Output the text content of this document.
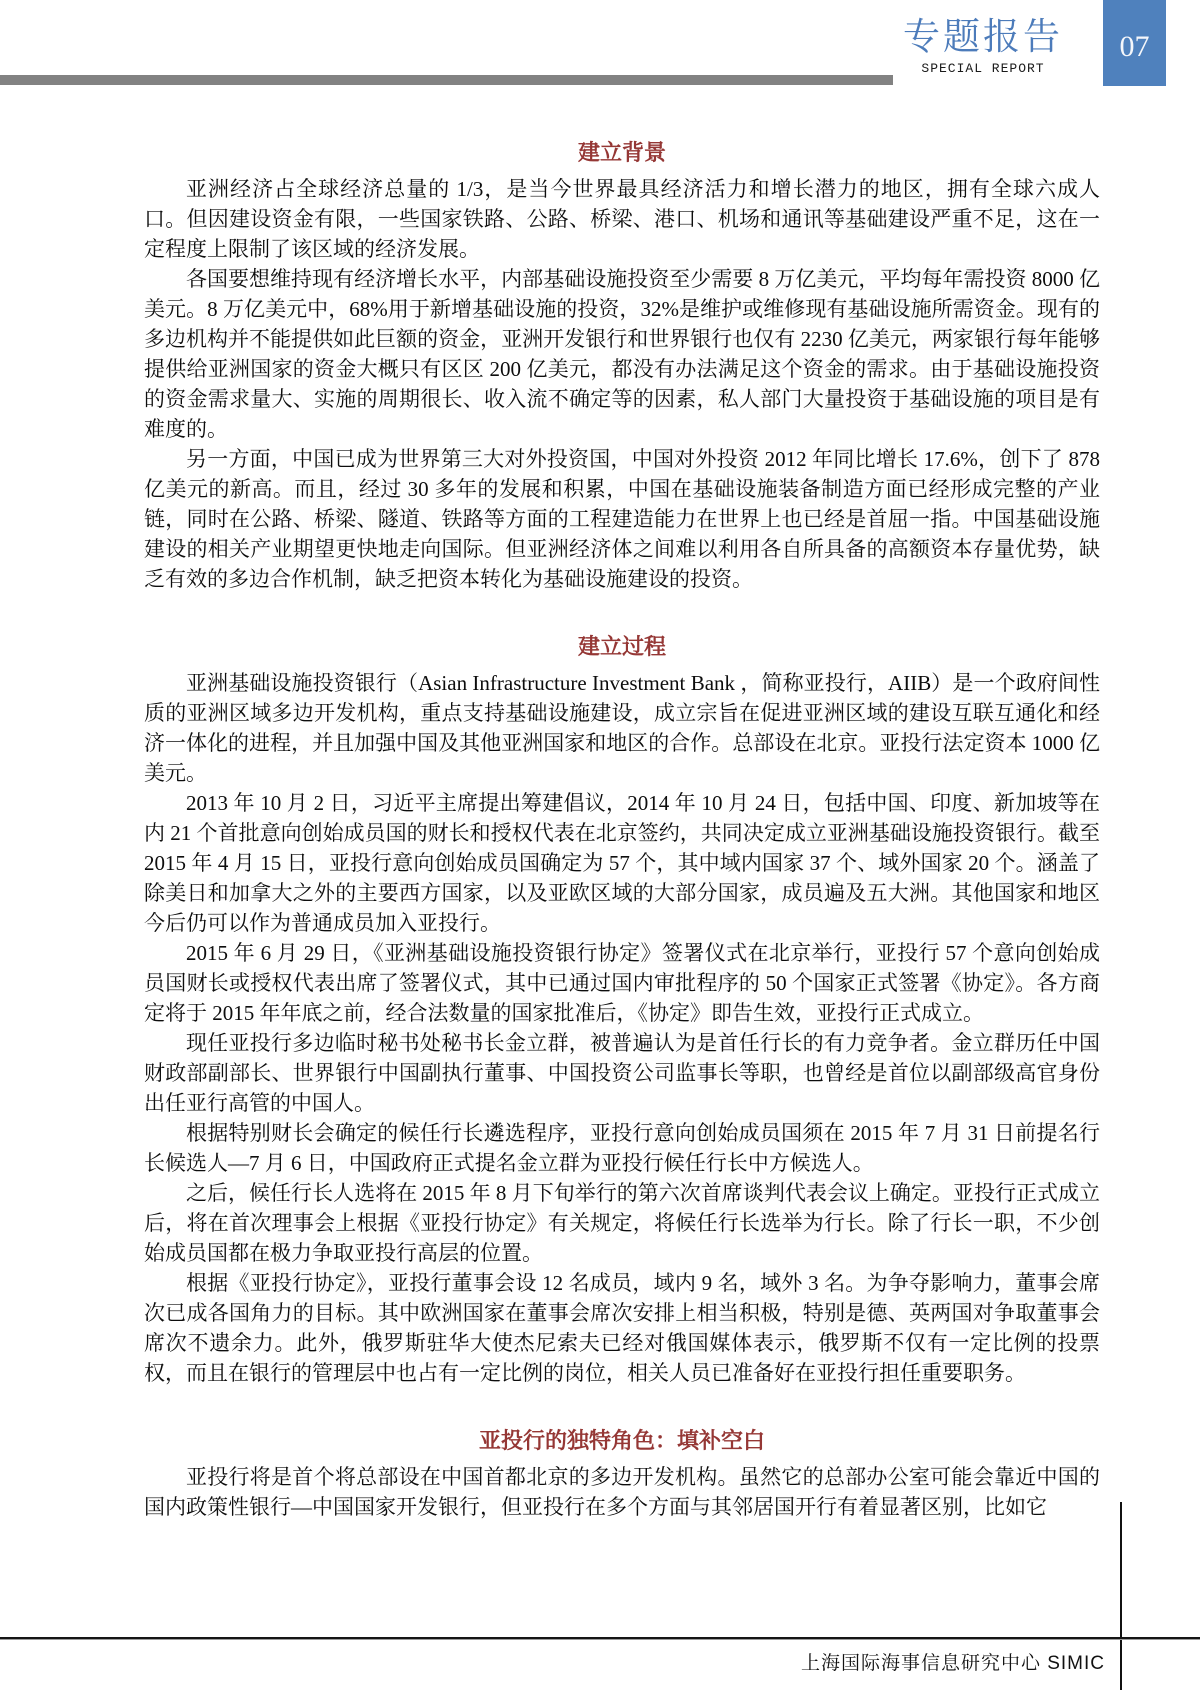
专题报告
SPECIAL REPORT
07
建立背景

亚洲经济占全球经济总量的 1/3，是当今世界最具经济活力和增长潜力的地区，拥有全球六成人口。但因建设资金有限，一些国家铁路、公路、桥梁、港口、机场和通讯等基础建设严重不足，这在一定程度上限制了该区域的经济发展。

各国要想维持现有经济增长水平，内部基础设施投资至少需要 8 万亿美元，平均每年需投资 8000 亿美元。8 万亿美元中，68%用于新增基础设施的投资，32%是维护或维修现有基础设施所需资金。现有的多边机构并不能提供如此巨额的资金，亚洲开发银行和世界银行也仅有 2230 亿美元，两家银行每年能够提供给亚洲国家的资金大概只有区区 200 亿美元，都没有办法满足这个资金的需求。由于基础设施投资的资金需求量大、实施的周期很长、收入流不确定等的因素，私人部门大量投资于基础设施的项目是有难度的。

另一方面，中国已成为世界第三大对外投资国，中国对外投资 2012 年同比增长 17.6%，创下了 878 亿美元的新高。而且，经过 30 多年的发展和积累，中国在基础设施装备制造方面已经形成完整的产业链，同时在公路、桥梁、隧道、铁路等方面的工程建造能力在世界上也已经是首屈一指。中国基础设施建设的相关产业期望更快地走向国际。但亚洲经济体之间难以利用各自所具备的高额资本存量优势，缺乏有效的多边合作机制，缺乏把资本转化为基础设施建设的投资。

建立过程

亚洲基础设施投资银行（Asian Infrastructure Investment Bank ，简称亚投行，AIIB）是一个政府间性质的亚洲区域多边开发机构，重点支持基础设施建设，成立宗旨在促进亚洲区域的建设互联互通化和经济一体化的进程，并且加强中国及其他亚洲国家和地区的合作。总部设在北京。亚投行法定资本 1000 亿美元。

2013 年 10 月 2 日，习近平主席提出筹建倡议，2014 年 10 月 24 日，包括中国、印度、新加坡等在内 21 个首批意向创始成员国的财长和授权代表在北京签约，共同决定成立亚洲基础设施投资银行。截至 2015 年 4 月 15 日，亚投行意向创始成员国确定为 57 个，其中域内国家 37 个、域外国家 20 个。涵盖了除美日和加拿大之外的主要西方国家，以及亚欧区域的大部分国家，成员遍及五大洲。其他国家和地区今后仍可以作为普通成员加入亚投行。

2015 年 6 月 29 日，《亚洲基础设施投资银行协定》签署仪式在北京举行，亚投行 57 个意向创始成员国财长或授权代表出席了签署仪式，其中已通过国内审批程序的 50 个国家正式签署《协定》。各方商定将于 2015 年年底之前，经合法数量的国家批准后，《协定》即告生效，亚投行正式成立。

现任亚投行多边临时秘书处秘书长金立群，被普遍认为是首任行长的有力竞争者。金立群历任中国财政部副部长、世界银行中国副执行董事、中国投资公司监事长等职，也曾经是首位以副部级高官身份出任亚行高管的中国人。

根据特别财长会确定的候任行长遴选程序，亚投行意向创始成员国须在 2015 年 7 月 31 日前提名行长候选人—7 月 6 日，中国政府正式提名金立群为亚投行候任行长中方候选人。

之后，候任行长人选将在 2015 年 8 月下旬举行的第六次首席谈判代表会议上确定。亚投行正式成立后，将在首次理事会上根据《亚投行协定》有关规定，将候任行长选举为行长。除了行长一职，不少创始成员国都在极力争取亚投行高层的位置。

根据《亚投行协定》，亚投行董事会设 12 名成员，域内 9 名，域外 3 名。为争夺影响力，董事会席次已成各国角力的目标。其中欧洲国家在董事会席次安排上相当积极，特别是德、英两国对争取董事会席次不遗余力。此外，俄罗斯驻华大使杰尼索夫已经对俄国媒体表示，俄罗斯不仅有一定比例的投票权，而且在银行的管理层中也占有一定比例的岗位，相关人员已准备好在亚投行担任重要职务。

亚投行的独特角色：填补空白

亚投行将是首个将总部设在中国首都北京的多边开发机构。虽然它的总部办公室可能会靠近中国的国内政策性银行—中国国家开发银行，但亚投行在多个方面与其邻居国开行有着显著区别，比如它

上海国际海事信息研究中心 SIMIC
